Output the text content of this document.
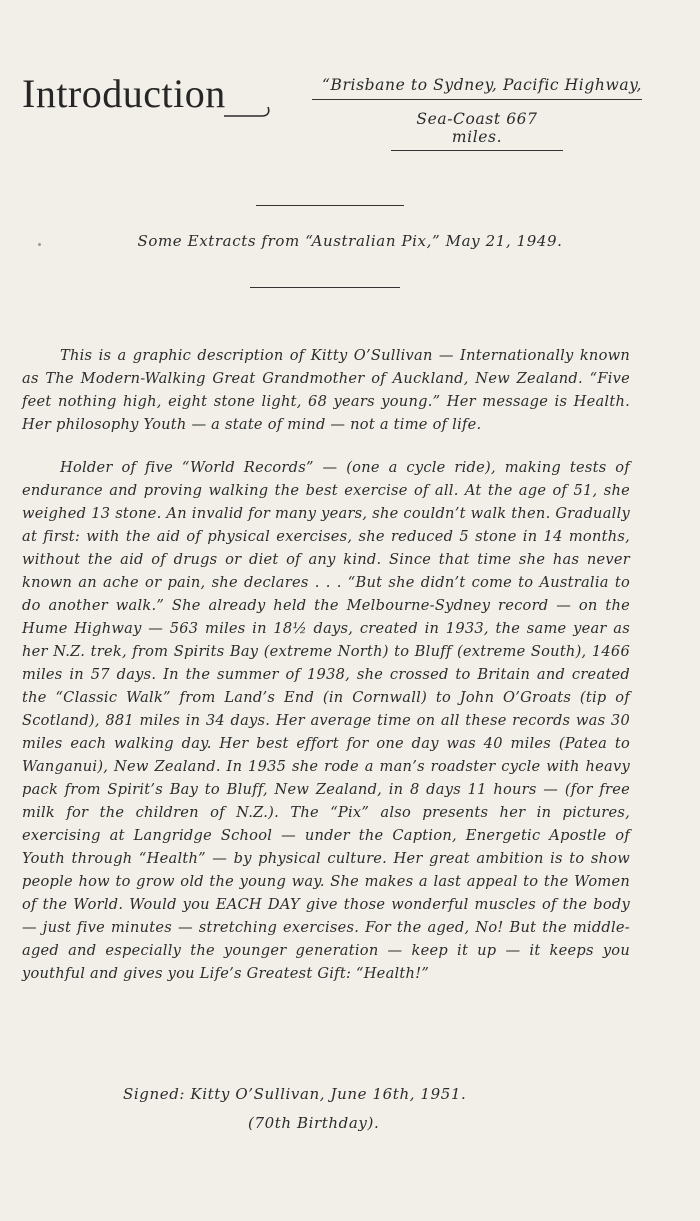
Introduction	“Brisbane to Sydney, Pacific Highway,
Sea-Coast 667 miles.
Some Extracts from “Australian Pix,” May 21, 1949.

This is a graphic description of Kitty O’Sullivan — Internationally known as The Modern-Walking Great Grandmother of Auckland, New Zealand. “Five feet nothing high, eight stone light, 68 years young.” Her message is Health. Her philosophy Youth — a state of mind — not a time of life.

Holder of five “World Records” — (one a cycle ride), making tests of endurance and proving walking the best exercise of all. At the age of 51, she weighed 13 stone. An invalid for many years, she couldn’t walk then. Gradually at first: with the aid of physical exercises, she reduced 5 stone in 14 months, without the aid of drugs or diet of any kind. Since that time she has never known an ache or pain, she declares . . . “But she didn’t come to Australia to do another walk.” She already held the Melbourne-Sydney record — on the Hume Highway — 563 miles in 18½ days, created in 1933, the same year as her N.Z. trek, from Spirits Bay (extreme North) to Bluff (extreme South), 1466 miles in 57 days. In the summer of 1938, she crossed to Britain and created the “Classic Walk” from Land’s End (in Cornwall) to John O’Groats (tip of Scotland), 881 miles in 34 days. Her average time on all these records was 30 miles each walking day. Her best effort for one day was 40 miles (Patea to Wanganui), New Zealand. In 1935 she rode a man’s roadster cycle with heavy pack from Spirit’s Bay to Bluff, New Zealand, in 8 days 11 hours — (for free milk for the children of N.Z.). The “Pix” also presents her in pictures, exercising at Langridge School — under the Caption, Energetic Apostle of Youth through “Health” — by physical culture. Her great ambition is to show people how to grow old the young way. She makes a last appeal to the Women of the World. Would you EACH DAY give those wonderful muscles of the body — just five minutes — stretching exercises. For the aged, No! But the middle-aged and especially the younger generation — keep it up — it keeps you youthful and gives you Life’s Greatest Gift: “Health!”

Signed: Kitty O’Sullivan, June 16th, 1951.
(70th Birthday).
